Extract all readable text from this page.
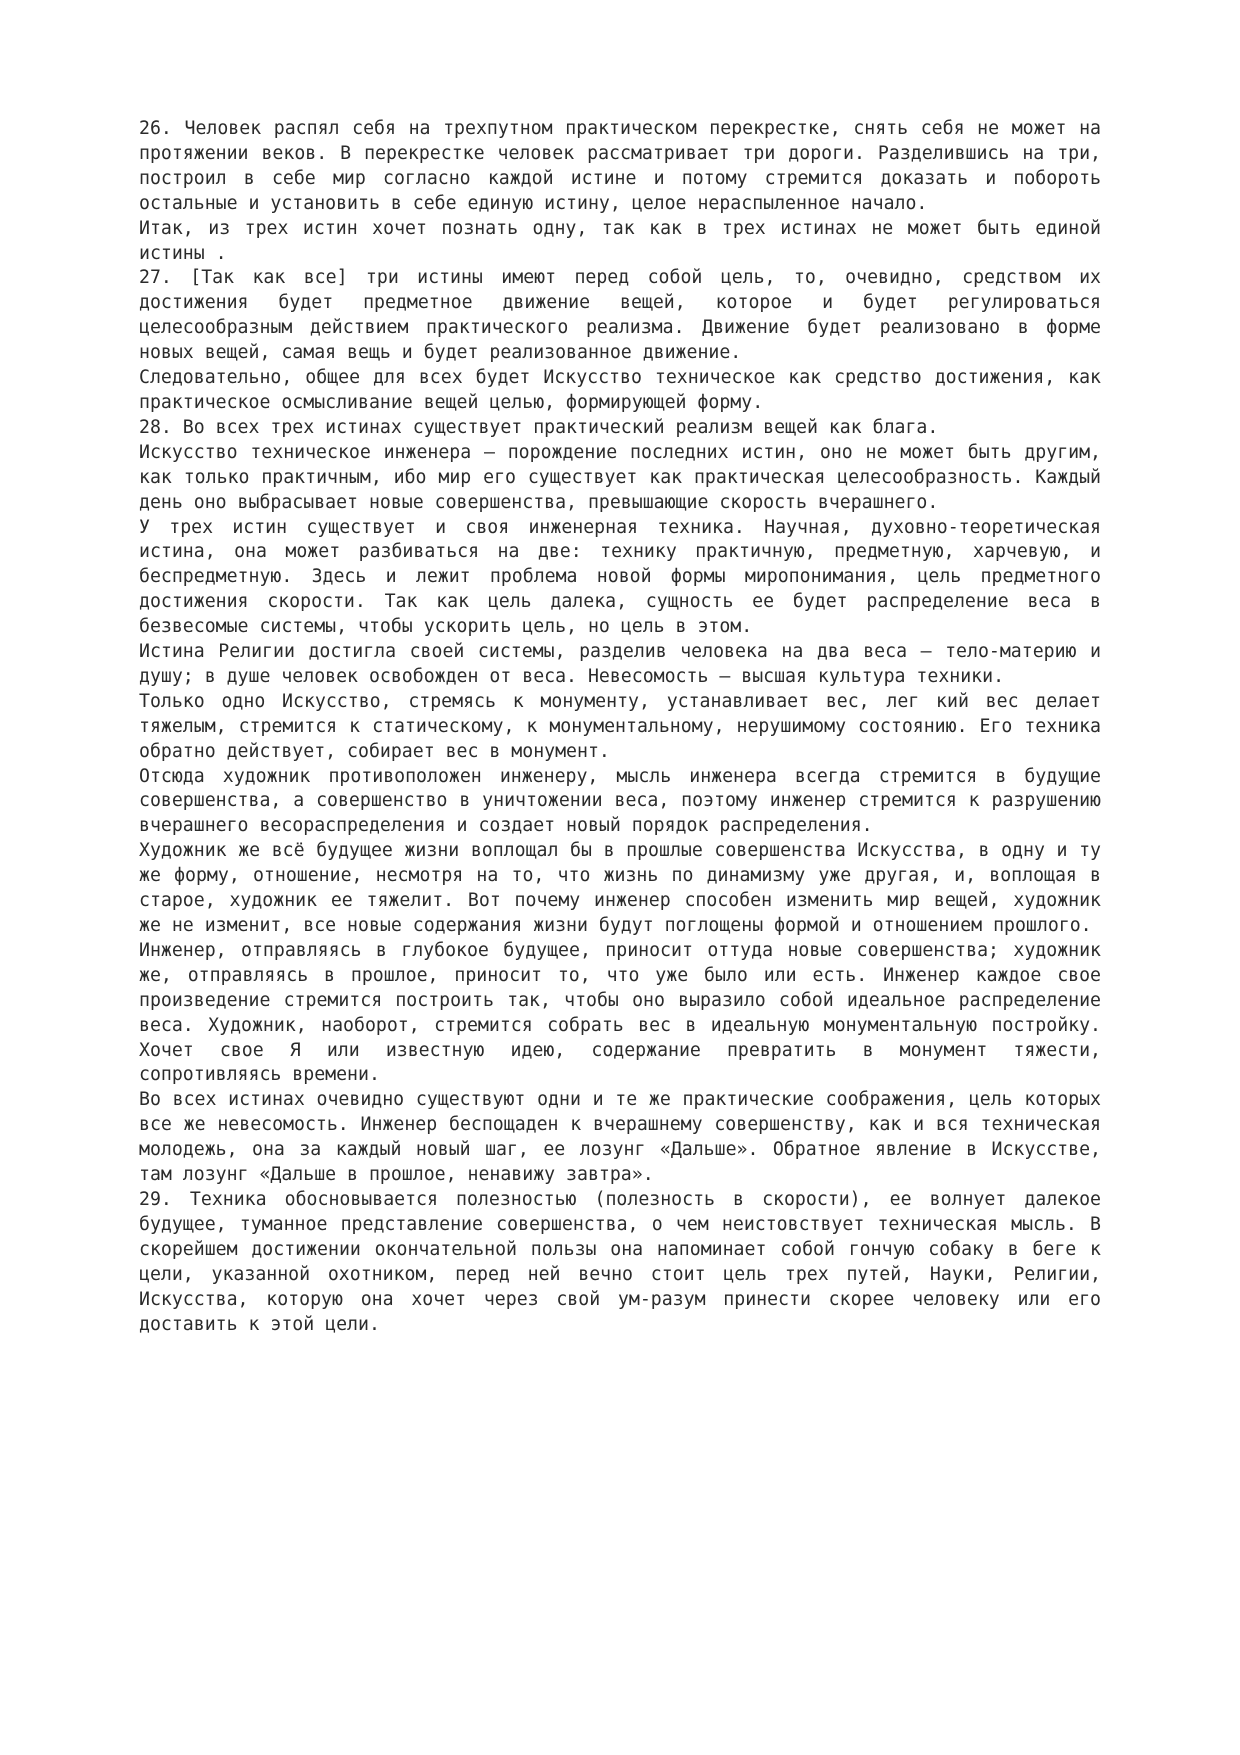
26. Человек распял себя на трехпутном практическом перекрестке, снять себя не может на протяжении веков. В перекрестке человек рассматривает три дороги. Разделившись на три, построил в себе мир согласно каждой истине и потому стремится доказать и побороть остальные и установить в себе единую истину, целое нераспыленное начало.

Итак, из трех истин хочет познать одну, так как в трех истинах не может быть единой истины .

27. [Так как все] три истины имеют перед собой цель, то, очевидно, средством их достижения будет предметное движение вещей, которое и будет регулироваться целесообразным действием практического реализма. Движение будет реализовано в форме новых вещей, самая вещь и будет реализованное движение.

Следовательно, общее для всех будет Искусство техническое как средство достижения, как практическое осмысливание вещей целью, формирующей форму.

28. Во всех трех истинах существует практический реализм вещей как блага.

Искусство техническое инженера — порождение последних истин, оно не может быть другим, как только практичным, ибо мир его существует как практическая целесообразность. Каждый день оно выбрасывает новые совершенства, превышающие скорость вчерашнего.

У трех истин существует и своя инженерная техника. Научная, духовно-теоретическая истина, она может разбиваться на две: технику практичную, предметную, харчевую, и беспредметную. Здесь и лежит проблема новой формы миропонимания, цель предметного достижения скорости. Так как цель далека, сущность ее будет распределение веса в безвесомые системы, чтобы ускорить цель, но цель в этом.

Истина Религии достигла своей системы, разделив человека на два веса — тело-материю и душу; в душе человек освобожден от веса. Невесомость — высшая культура техники.

Только одно Искусство, стремясь к монументу, устанавливает вес, лег кий вес делает тяжелым, стремится к статическому, к монументальному, нерушимому состоянию. Его техника обратно действует, собирает вес в монумент.

Отсюда художник противоположен инженеру, мысль инженера всегда стремится в будущие совершенства, а совершенство в уничтожении веса, поэтому инженер стремится к разрушению вчерашнего весораспределения и создает новый порядок распределения.

Художник же всё будущее жизни воплощал бы в прошлые совершенства Искусства, в одну и ту же форму, отношение, несмотря на то, что жизнь по динамизму уже другая, и, воплощая в старое, художник ее тяжелит. Вот почему инженер способен изменить мир вещей, художник же не изменит, все новые содержания жизни будут поглощены формой и отношением прошлого.

Инженер, отправляясь в глубокое будущее, приносит оттуда новые совершенства; художник же, отправляясь в прошлое, приносит то, что уже было или есть. Инженер каждое свое произведение стремится построить так, чтобы оно выразило собой идеальное распределение веса. Художник, наоборот, стремится собрать вес в идеальную монументальную постройку. Хочет свое Я или известную идею, содержание превратить в монумент тяжести, сопротивляясь времени.

Во всех истинах очевидно существуют одни и те же практические соображения, цель которых все же невесомость. Инженер беспощаден к вчерашнему совершенству, как и вся техническая молодежь, она за каждый новый шаг, ее лозунг «Дальше». Обратное явление в Искусстве, там лозунг «Дальше в прошлое, ненавижу завтра».

29. Техника обосновывается полезностью (полезность в скорости), ее волнует далекое будущее, туманное представление совершенства, о чем неистовствует техническая мысль. В скорейшем достижении окончательной пользы она напоминает собой гончую собаку в беге к цели, указанной охотником, перед ней вечно стоит цель трех путей, Науки, Религии, Искусства, которую она хочет через свой ум-разум принести скорее человеку или его доставить к этой цели.
